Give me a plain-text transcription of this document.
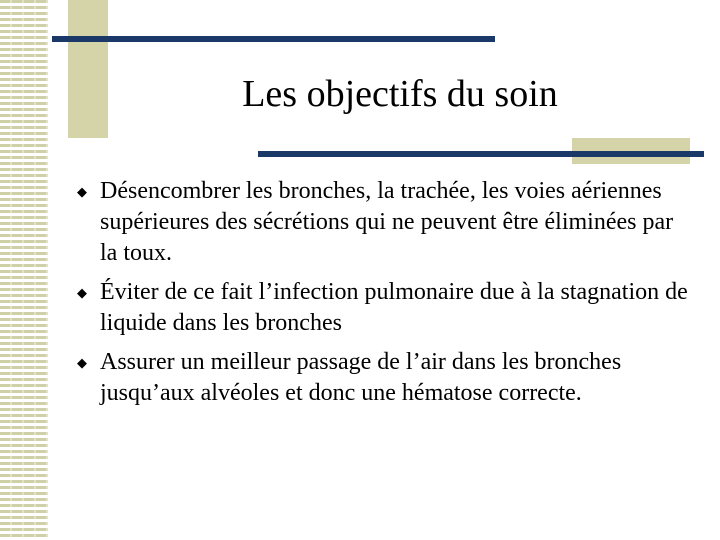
Les objectifs du soin
◆ Désencombrer les bronches, la trachée, les voies aériennes supérieures des sécrétions qui ne peuvent être éliminées par la toux.
◆ Éviter de ce fait l’infection pulmonaire due à la stagnation de liquide dans les bronches
◆ Assurer un meilleur passage de l’air dans les bronches jusqu’aux alvéoles et donc une hématose correcte.
